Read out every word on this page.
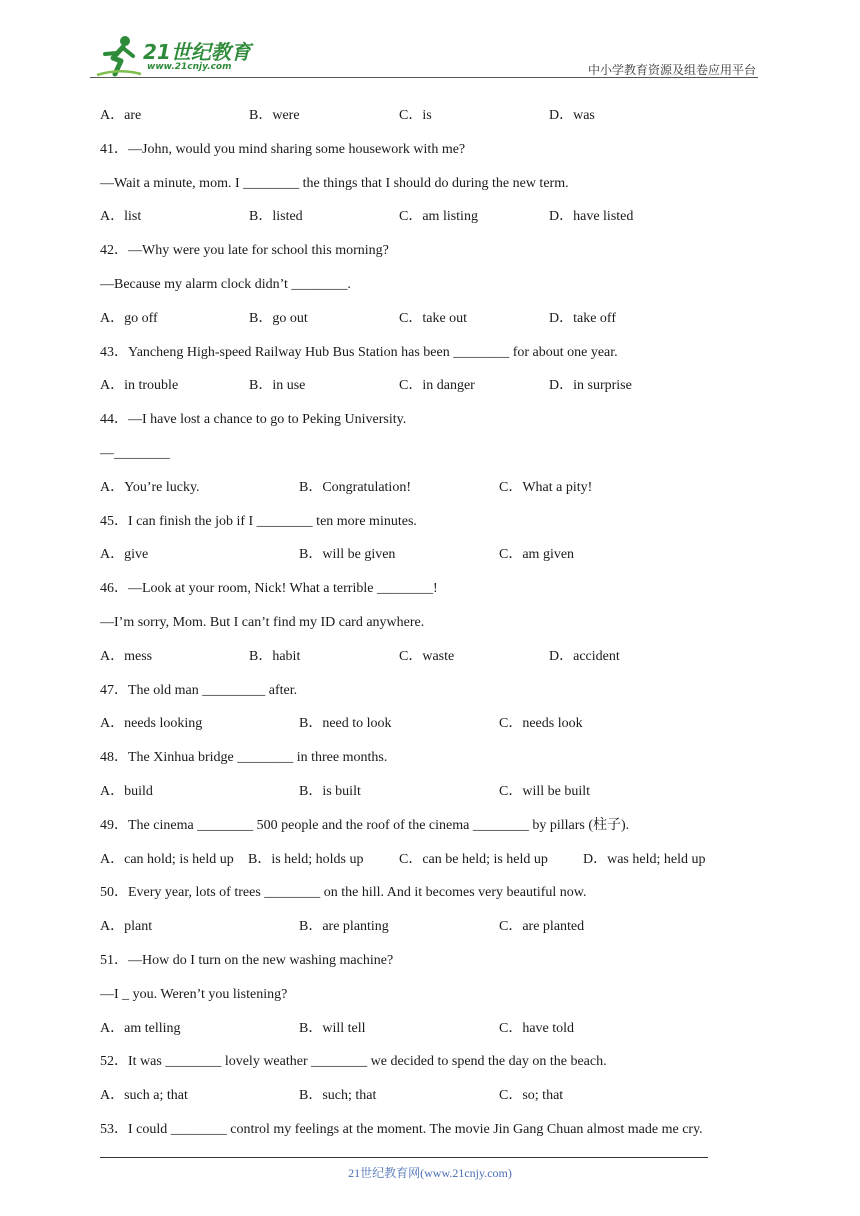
21世纪教育
www.21cnjy.com	中小学教育资源及组卷应用平台
A．are	B．were	C．is	D．was
41．—John, would you mind sharing some housework with me?
—Wait a minute, mom. I ________ the things that I should do during the new term.
A．list	B．listed	C．am listing	D．have listed
42．—Why were you late for school this morning?
—Because my alarm clock didn’t ________.
A．go off	B．go out	C．take out	D．take off
43．Yancheng High-speed Railway Hub Bus Station has been ________ for about one year.
A．in trouble	B．in use	C．in danger	D．in surprise
44．—I have lost a chance to go to Peking University.
—________
A．You’re lucky.	B．Congratulation!	C．What a pity!
45．I can finish the job if I ________ ten more minutes.
A．give	B．will be given	C．am given
46．—Look at your room, Nick! What a terrible ________!
—I’m sorry, Mom. But I can’t find my ID card anywhere.
A．mess	B．habit	C．waste	D．accident
47．The old man _________ after.
A．needs looking	B．need to look	C．needs look
48．The Xinhua bridge ________ in three months.
A．build	B．is built	C．will be built
49．The cinema ________ 500 people and the roof of the cinema ________ by pillars (柱子).
A．can hold; is held up B．is held; holds up	C．can be held; is held up	D．was held; held up
50．Every year, lots of trees ________ on the hill. And it becomes very beautiful now.
A．plant	B．are planting	C．are planted
51．—How do I turn on the new washing machine?
—I _ you. Weren’t you listening?
A．am telling	B．will tell	C．have told
52．It was ________ lovely weather ________ we decided to spend the day on the beach.
A．such a; that	B．such; that	C．so; that
53．I could ________ control my feelings at the moment. The movie Jin Gang Chuan almost made me cry.
21世纪教育网(www.21cnjy.com)
